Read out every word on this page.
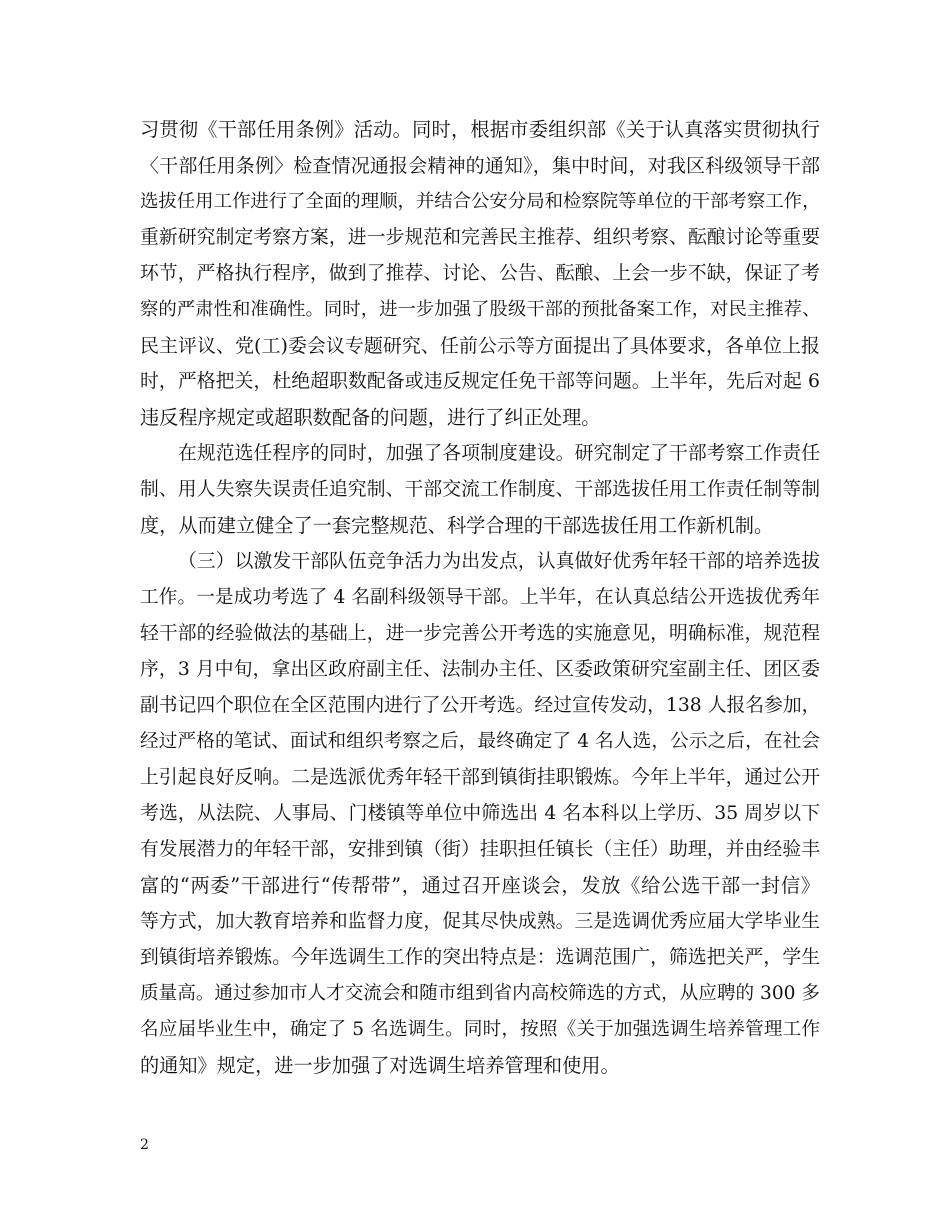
习贯彻《干部任用条例》活动。同时，根据市委组织部《关于认真落实贯彻执行
〈干部任用条例〉检查情况通报会精神的通知》，集中时间，对我区科级领导干部
选拔任用工作进行了全面的理顺，并结合公安分局和检察院等单位的干部考察工作，
重新研究制定考察方案，进一步规范和完善民主推荐、组织考察、酝酿讨论等重要
环节，严格执行程序，做到了推荐、讨论、公告、酝酿、上会一步不缺，保证了考
察的严肃性和准确性。同时，进一步加强了股级干部的预批备案工作，对民主推荐、
民主评议、党(工)委会议专题研究、任前公示等方面提出了具体要求，各单位上报
时，严格把关，杜绝超职数配备或违反规定任免干部等问题。上半年，先后对起 6
违反程序规定或超职数配备的问题，进行了纠正处理。
在规范选任程序的同时，加强了各项制度建设。研究制定了干部考察工作责任
制、用人失察失误责任追究制、干部交流工作制度、干部选拔任用工作责任制等制
度，从而建立健全了一套完整规范、科学合理的干部选拔任用工作新机制。
（三）以激发干部队伍竞争活力为出发点，认真做好优秀年轻干部的培养选拔
工作。一是成功考选了 4 名副科级领导干部。上半年，在认真总结公开选拔优秀年
轻干部的经验做法的基础上，进一步完善公开考选的实施意见，明确标准，规范程
序，3 月中旬，拿出区政府副主任、法制办主任、区委政策研究室副主任、团区委
副书记四个职位在全区范围内进行了公开考选。经过宣传发动，138 人报名参加，
经过严格的笔试、面试和组织考察之后，最终确定了 4 名人选，公示之后，在社会
上引起良好反响。二是选派优秀年轻干部到镇街挂职锻炼。今年上半年，通过公开
考选，从法院、人事局、门楼镇等单位中筛选出 4 名本科以上学历、35 周岁以下
有发展潜力的年轻干部，安排到镇（街）挂职担任镇长（主任）助理，并由经验丰
富的“两委”干部进行“传帮带”，通过召开座谈会，发放《给公选干部一封信》
等方式，加大教育培养和监督力度，促其尽快成熟。三是选调优秀应届大学毕业生
到镇街培养锻炼。今年选调生工作的突出特点是：选调范围广，筛选把关严，学生
质量高。通过参加市人才交流会和随市组到省内高校筛选的方式，从应聘的 300 多
名应届毕业生中，确定了 5 名选调生。同时，按照《关于加强选调生培养管理工作
的通知》规定，进一步加强了对选调生培养管理和使用。
2
